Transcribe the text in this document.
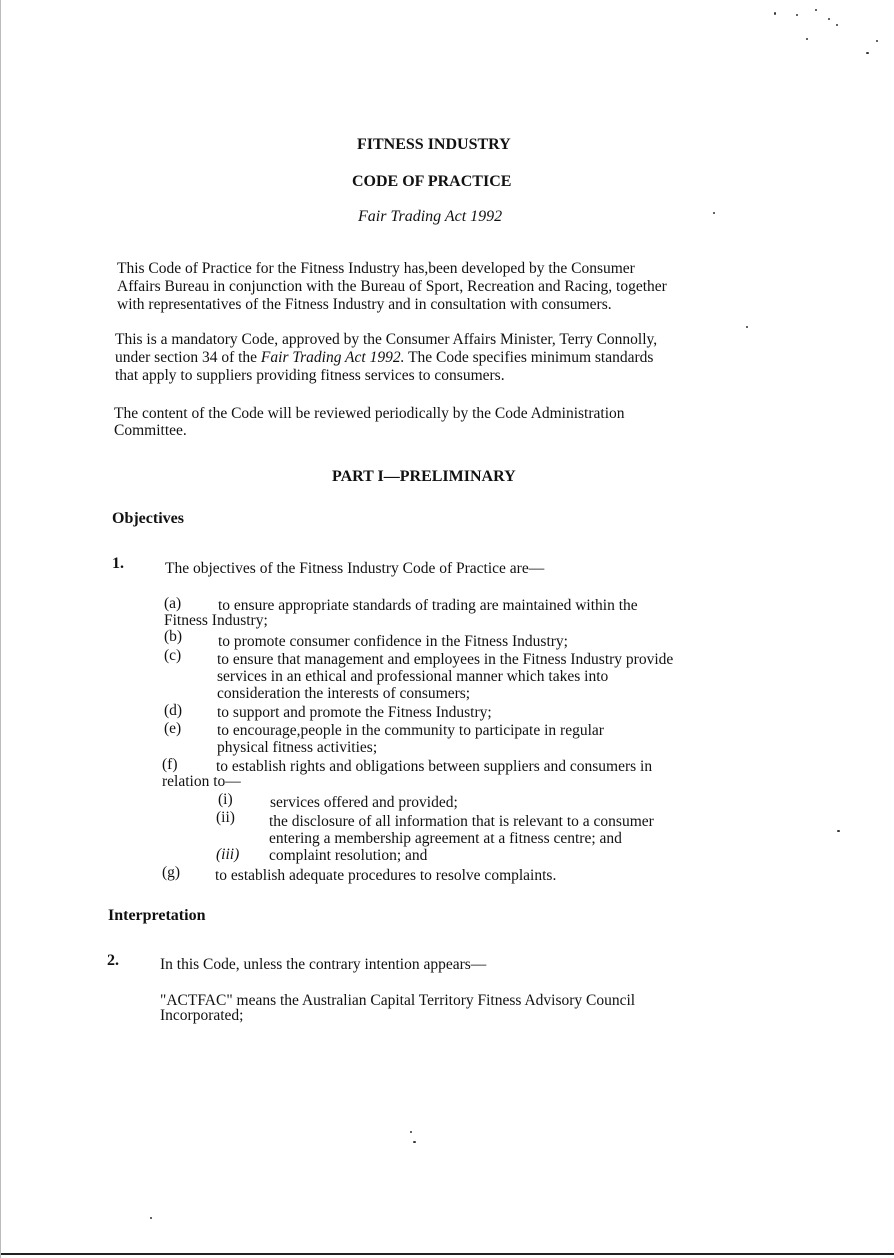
FITNESS INDUSTRY
CODE OF PRACTICE
Fair Trading Act 1992
This Code of Practice for the Fitness Industry has,been developed by the Consumer
Affairs Bureau in conjunction with the Bureau of Sport, Recreation and Racing, together
with representatives of the Fitness Industry and in consultation with consumers.
This is a mandatory Code, approved by the Consumer Affairs Minister, Terry Connolly,
under section 34 of the Fair Trading Act 1992. The Code specifies minimum standards
that apply to suppliers providing fitness services to consumers.
The content of the Code will be reviewed periodically by the Code Administration
Committee.
PART I—PRELIMINARY
Objectives
1.	The objectives of the Fitness Industry Code of Practice are—
(a) to ensure appropriate standards of trading are maintained within the
Fitness Industry;
(b) to promote consumer confidence in the Fitness Industry;
(c) to ensure that management and employees in the Fitness Industry provide
services in an ethical and professional manner which takes into
consideration the interests of consumers;
(d) to support and promote the Fitness Industry;
(e) to encourage,people in the community to participate in regular
physical fitness activities;
(f) to establish rights and obligations between suppliers and consumers in
relation to—
(i) services offered and provided;
(ii) the disclosure of all information that is relevant to a consumer
entering a membership agreement at a fitness centre; and
(iii) complaint resolution; and
(g) to establish adequate procedures to resolve complaints.
Interpretation
2.	In this Code, unless the contrary intention appears—
"ACTFAC" means the Australian Capital Territory Fitness Advisory Council
Incorporated;
